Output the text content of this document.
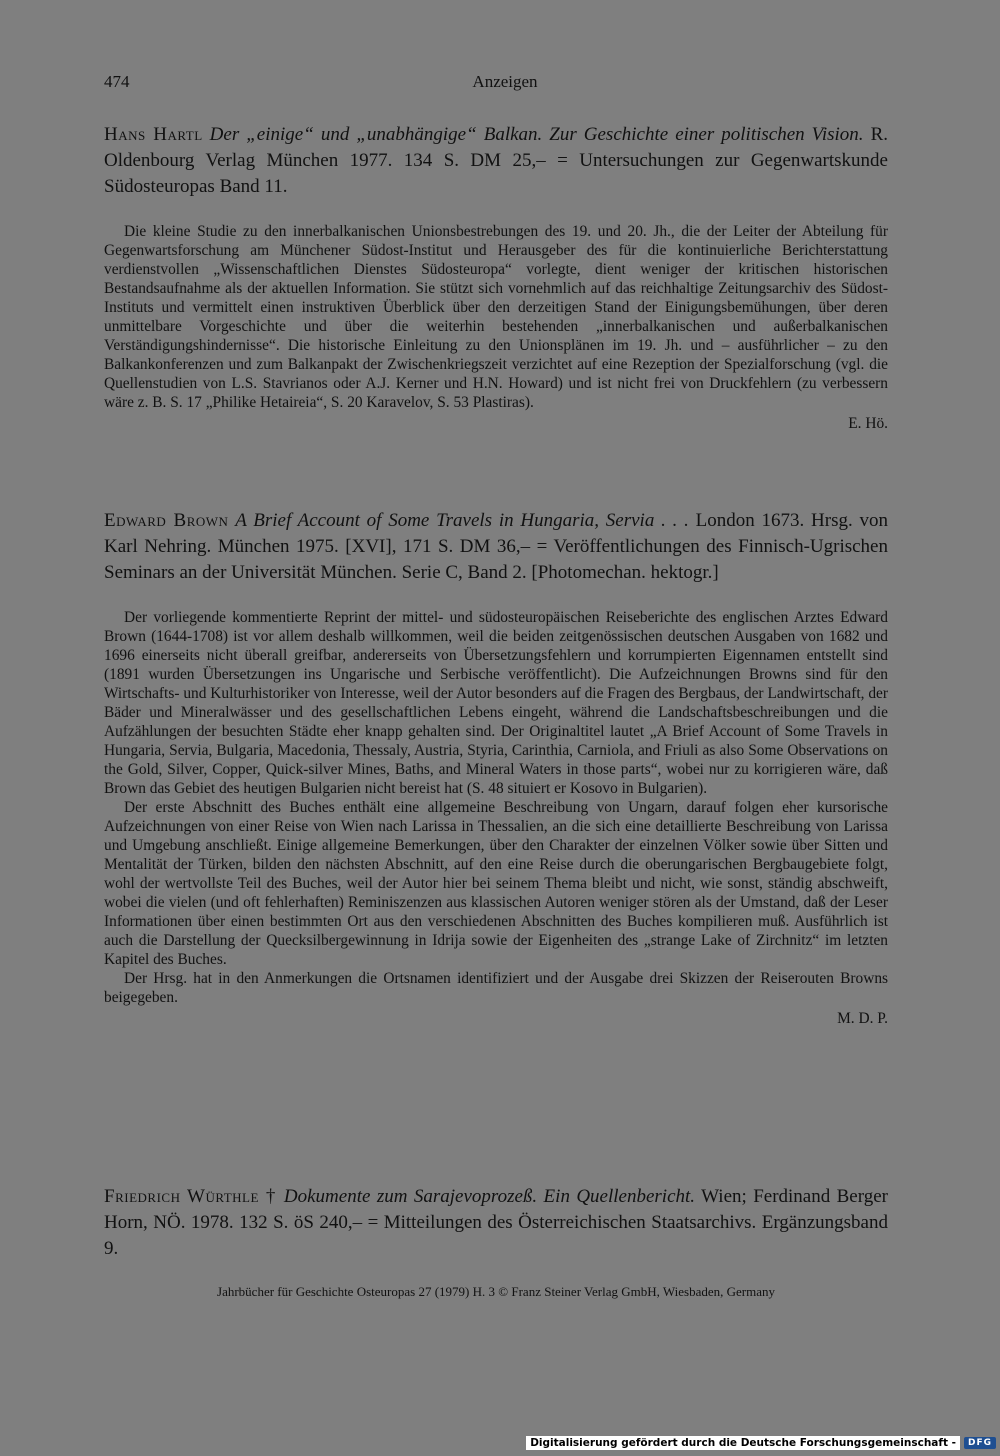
474	Anzeigen
Hans Hartl Der „einige“ und „unabhängige“ Balkan. Zur Geschichte einer politischen Vision. R. Oldenbourg Verlag München 1977. 134 S. DM 25,– = Untersuchungen zur Gegenwartskunde Südosteuropas Band 11.

Die kleine Studie zu den innerbalkanischen Unionsbestrebungen des 19. und 20. Jh., die der Leiter der Abteilung für Gegenwartsforschung am Münchener Südost-Institut und Herausgeber des für die kontinuierliche Berichterstattung verdienstvollen „Wissenschaftlichen Dienstes Südosteuropa“ vorlegte, dient weniger der kritischen historischen Bestandsaufnahme als der aktuellen Information. Sie stützt sich vornehmlich auf das reichhaltige Zeitungsarchiv des Südost-Instituts und vermittelt einen instruktiven Überblick über den derzeitigen Stand der Einigungsbemühungen, über deren unmittelbare Vorgeschichte und über die weiterhin bestehenden „innerbalkanischen und außerbalkanischen Verständigungshindernisse“. Die historische Einleitung zu den Unionsplänen im 19. Jh. und – ausführlicher – zu den Balkankonferenzen und zum Balkanpakt der Zwischenkriegszeit verzichtet auf eine Rezeption der Spezialforschung (vgl. die Quellenstudien von L.S. Stavrianos oder A.J. Kerner und H.N. Howard) und ist nicht frei von Druckfehlern (zu verbessern wäre z. B. S. 17 „Philike Hetaireia“, S. 20 Karavelov, S. 53 Plastiras).

E. Hö.
Edward Brown A Brief Account of Some Travels in Hungaria, Servia . . . London 1673. Hrsg. von Karl Nehring. München 1975. [XVI], 171 S. DM 36,– = Veröffentlichungen des Finnisch-Ugrischen Seminars an der Universität München. Serie C, Band 2. [Photomechan. hektogr.]

Der vorliegende kommentierte Reprint der mittel- und südosteuropäischen Reiseberichte des englischen Arztes Edward Brown (1644-1708) ist vor allem deshalb willkommen, weil die beiden zeitgenössischen deutschen Ausgaben von 1682 und 1696 einerseits nicht überall greifbar, andererseits von Übersetzungsfehlern und korrumpierten Eigennamen entstellt sind (1891 wurden Übersetzungen ins Ungarische und Serbische veröffentlicht). Die Aufzeichnungen Browns sind für den Wirtschafts- und Kulturhistoriker von Interesse, weil der Autor besonders auf die Fragen des Bergbaus, der Landwirtschaft, der Bäder und Mineralwässer und des gesellschaftlichen Lebens eingeht, während die Landschaftsbeschreibungen und die Aufzählungen der besuchten Städte eher knapp gehalten sind. Der Originaltitel lautet „A Brief Account of Some Travels in Hungaria, Servia, Bulgaria, Macedonia, Thessaly, Austria, Styria, Carinthia, Carniola, and Friuli as also Some Observations on the Gold, Silver, Copper, Quick-silver Mines, Baths, and Mineral Waters in those parts“, wobei nur zu korrigieren wäre, daß Brown das Gebiet des heutigen Bulgarien nicht bereist hat (S. 48 situiert er Kosovo in Bulgarien).

Der erste Abschnitt des Buches enthält eine allgemeine Beschreibung von Ungarn, darauf folgen eher kursorische Aufzeichnungen von einer Reise von Wien nach Larissa in Thessalien, an die sich eine detaillierte Beschreibung von Larissa und Umgebung anschließt. Einige allgemeine Bemerkungen, über den Charakter der einzelnen Völker sowie über Sitten und Mentalität der Türken, bilden den nächsten Abschnitt, auf den eine Reise durch die oberungarischen Bergbaugebiete folgt, wohl der wertvollste Teil des Buches, weil der Autor hier bei seinem Thema bleibt und nicht, wie sonst, ständig abschweift, wobei die vielen (und oft fehlerhaften) Reminiszenzen aus klassischen Autoren weniger stören als der Umstand, daß der Leser Informationen über einen bestimmten Ort aus den verschiedenen Abschnitten des Buches kompilieren muß. Ausführlich ist auch die Darstellung der Quecksilbergewinnung in Idrija sowie der Eigenheiten des „strange Lake of Zirchnitz“ im letzten Kapitel des Buches.

Der Hrsg. hat in den Anmerkungen die Ortsnamen identifiziert und der Ausgabe drei Skizzen der Reiserouten Browns beigegeben.

M. D. P.
Friedrich Würthle † Dokumente zum Sarajevoprozeß. Ein Quellenbericht. Wien; Ferdinand Berger Horn, NÖ. 1978. 132 S. öS 240,– = Mitteilungen des Österreichischen Staatsarchivs. Ergänzungsband 9.
Jahrbücher für Geschichte Osteuropas 27 (1979) H. 3 © Franz Steiner Verlag GmbH, Wiesbaden, Germany
Digitalisierung gefördert durch die Deutsche Forschungsgemeinschaft -	DFG
